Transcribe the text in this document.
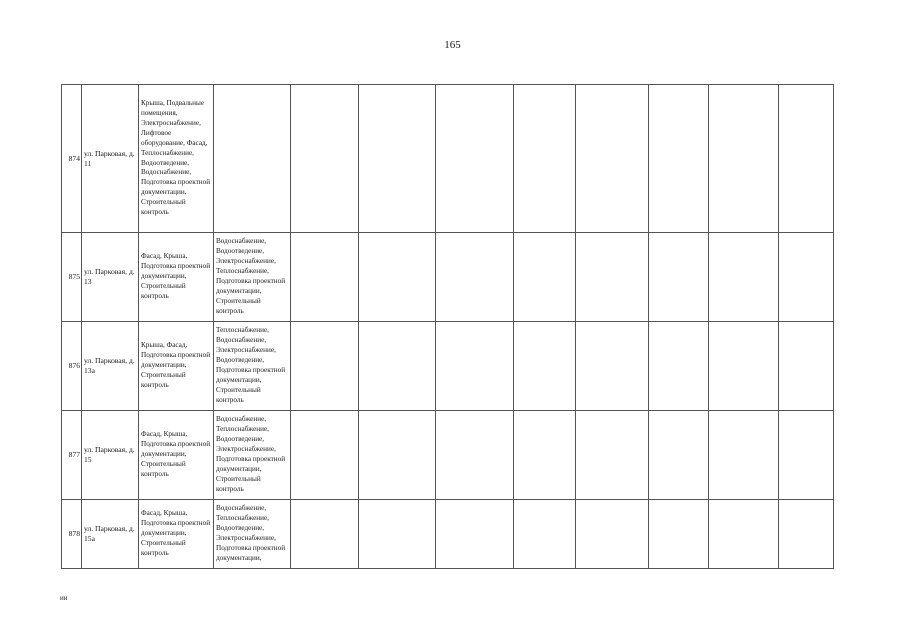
165
874	ул. Парковая, д. 11	Крыша, Подвальные помещения, Электроснабжение, Лифтовое оборудование, Фасад, Теплоснабжение, Водоотведение, Водоснабжение, Подготовка проектной документации, Строительный контроль									
875	ул. Парковая, д. 13	Фасад, Крыша, Подготовка проектной документации, Строительный контроль	Водоснабжение, Водоотведение, Электроснабжение, Теплоснабжение, Подготовка проектной документации, Строительный контроль								
876	ул. Парковая, д. 13а	Крыша, Фасад, Подготовка проектной документации, Строительный контроль	Теплоснабжение, Водоснабжение, Электроснабжение, Водоотведение, Подготовка проектной документации, Строительный контроль								
877	ул. Парковая, д. 15	Фасад, Крыша, Подготовка проектной документации, Строительный контроль	Водоснабжение, Теплоснабжение, Водоотведение, Электроснабжение, Подготовка проектной документации, Строительный контроль								
878	ул. Парковая, д. 15а	Фасад, Крыша, Подготовка проектной документации, Строительный контроль	Водоснабжение, Теплоснабжение, Водоотведение, Электроснабжение, Подготовка проектной документации,								
ии
